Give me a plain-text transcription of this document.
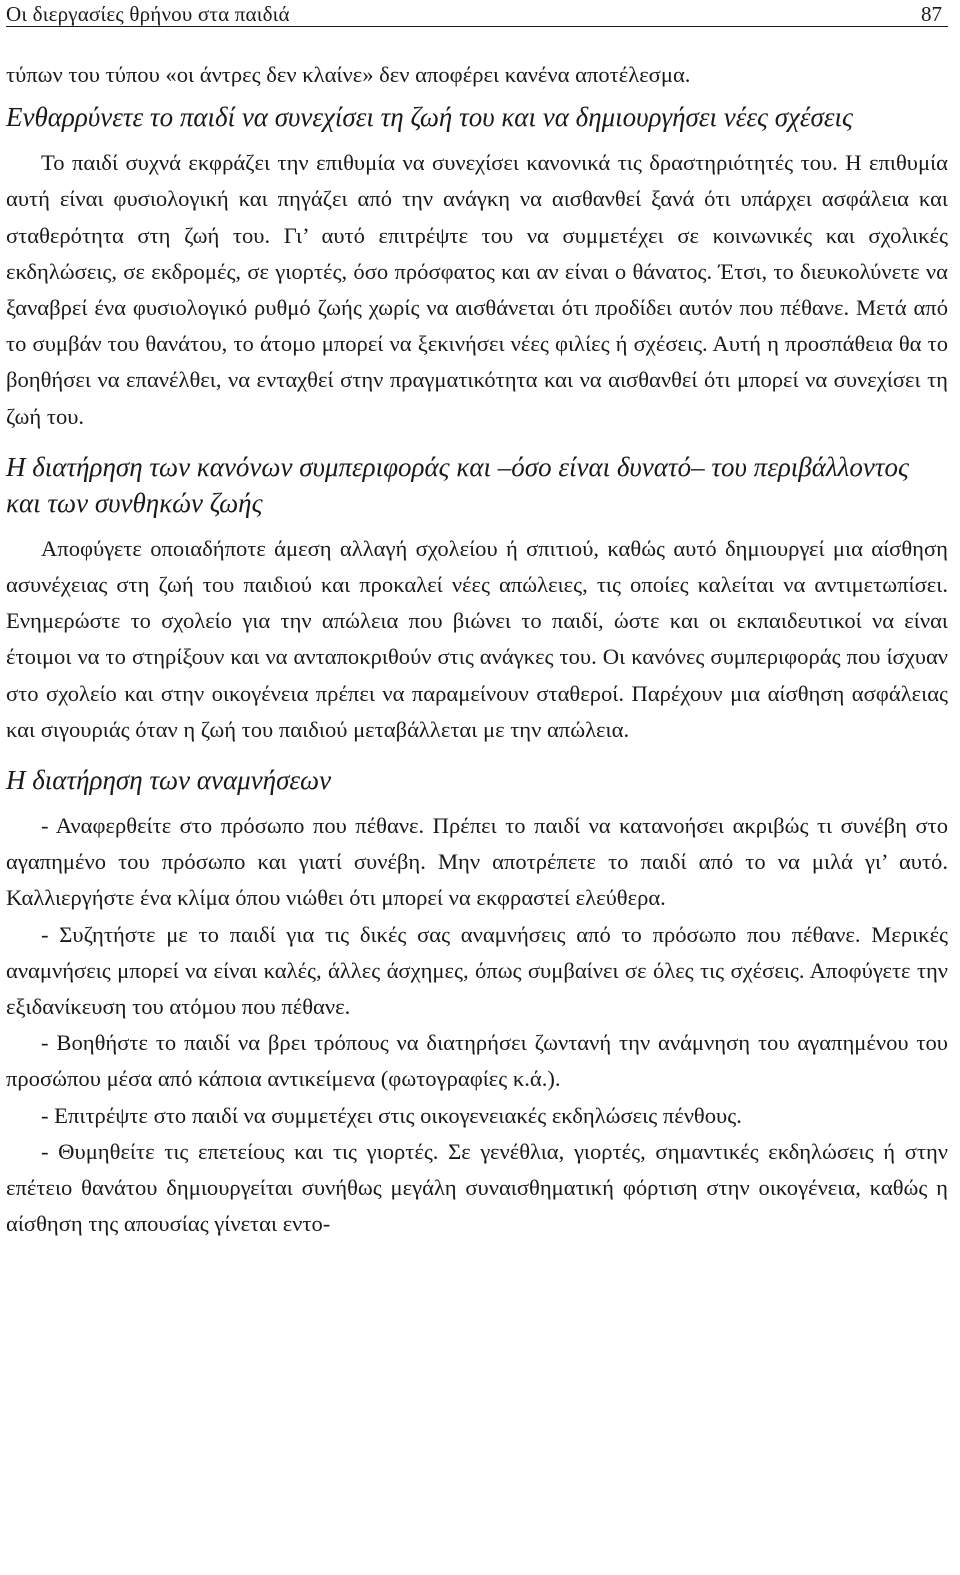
Οι διεργασίες θρήνου στα παιδιά	87

τύπων του τύπου «οι άντρες δεν κλαίνε» δεν αποφέρει κανένα αποτέλεσμα.

Ενθαρρύνετε το παιδί να συνεχίσει τη ζωή του και να δημιουργήσει νέες σχέσεις

Το παιδί συχνά εκφράζει την επιθυμία να συνεχίσει κανονικά τις δραστηριότητές του. Η επιθυμία αυτή είναι φυσιολογική και πηγάζει από την ανάγκη να αισθανθεί ξανά ότι υπάρχει ασφάλεια και σταθερότητα στη ζωή του. Γι’ αυτό επιτρέψτε του να συμμετέχει σε κοινωνικές και σχολικές εκδηλώσεις, σε εκδρομές, σε γιορτές, όσο πρόσφατος και αν είναι ο θάνατος. Έτσι, το διευκολύνετε να ξαναβρεί ένα φυσιολογικό ρυθμό ζωής χωρίς να αισθάνεται ότι προδίδει αυτόν που πέθανε. Μετά από το συμβάν του θανάτου, το άτομο μπορεί να ξεκινήσει νέες φιλίες ή σχέσεις. Αυτή η προσπάθεια θα το βοηθήσει να επανέλθει, να ενταχθεί στην πραγματικότητα και να αισθανθεί ότι μπορεί να συνεχίσει τη ζωή του.

Η διατήρηση των κανόνων συμπεριφοράς και –όσο είναι δυνατό– του περιβάλλοντος και των συνθηκών ζωής

Αποφύγετε οποιαδήποτε άμεση αλλαγή σχολείου ή σπιτιού, καθώς αυτό δημιουργεί μια αίσθηση ασυνέχειας στη ζωή του παιδιού και προκαλεί νέες απώλειες, τις οποίες καλείται να αντιμετωπίσει. Ενημερώστε το σχολείο για την απώλεια που βιώνει το παιδί, ώστε και οι εκπαιδευτικοί να είναι έτοιμοι να το στηρίξουν και να ανταποκριθούν στις ανάγκες του. Οι κανόνες συμπεριφοράς που ίσχυαν στο σχολείο και στην οικογένεια πρέπει να παραμείνουν σταθεροί. Παρέχουν μια αίσθηση ασφάλειας και σιγουριάς όταν η ζωή του παιδιού μεταβάλλεται με την απώλεια.

Η διατήρηση των αναμνήσεων

- Αναφερθείτε στο πρόσωπο που πέθανε. Πρέπει το παιδί να κατανοήσει ακριβώς τι συνέβη στο αγαπημένο του πρόσωπο και γιατί συνέβη. Μην αποτρέπετε το παιδί από το να μιλά γι’ αυτό. Καλλιεργήστε ένα κλίμα όπου νιώθει ότι μπορεί να εκφραστεί ελεύθερα.

- Συζητήστε με το παιδί για τις δικές σας αναμνήσεις από το πρόσωπο που πέθανε. Μερικές αναμνήσεις μπορεί να είναι καλές, άλλες άσχημες, όπως συμβαίνει σε όλες τις σχέσεις. Αποφύγετε την εξιδανίκευση του ατόμου που πέθανε.

- Βοηθήστε το παιδί να βρει τρόπους να διατηρήσει ζωντανή την ανάμνηση του αγαπημένου του προσώπου μέσα από κάποια αντικείμενα (φωτογραφίες κ.ά.).

- Επιτρέψτε στο παιδί να συμμετέχει στις οικογενειακές εκδηλώσεις πένθους.

- Θυμηθείτε τις επετείους και τις γιορτές. Σε γενέθλια, γιορτές, σημαντικές εκδηλώσεις ή στην επέτειο θανάτου δημιουργείται συνήθως μεγάλη συναισθηματική φόρτιση στην οικογένεια, καθώς η αίσθηση της απουσίας γίνεται εντο-
